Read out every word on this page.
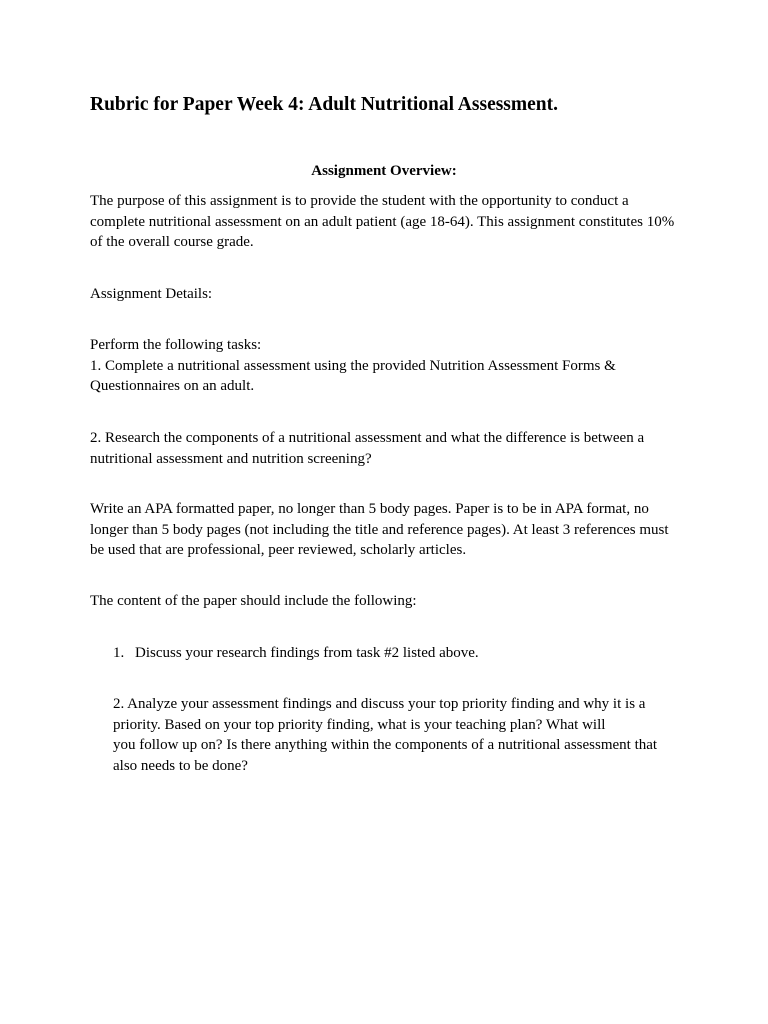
Rubric for Paper Week 4: Adult Nutritional Assessment.
Assignment Overview:

The purpose of this assignment is to provide the student with the opportunity to conduct a
complete nutritional assessment on an adult patient (age 18-64). This assignment constitutes 10%
of the overall course grade.

Assignment Details:

Perform the following tasks:
1. Complete a nutritional assessment using the provided Nutrition Assessment Forms &
Questionnaires on an adult.

2. Research the components of a nutritional assessment and what the difference is between a
nutritional assessment and nutrition screening?

Write an APA formatted paper, no longer than 5 body pages. Paper is to be in APA format, no
longer than 5 body pages (not including the title and reference pages). At least 3 references must
be used that are professional, peer reviewed, scholarly articles.

The content of the paper should include the following:

1. Discuss your research findings from task #2 listed above.

2. Analyze your assessment findings and discuss your top priority finding and why it is a
priority. Based on your top priority finding, what is your teaching plan? What will
you follow up on? Is there anything within the components of a nutritional assessment that
also needs to be done?
